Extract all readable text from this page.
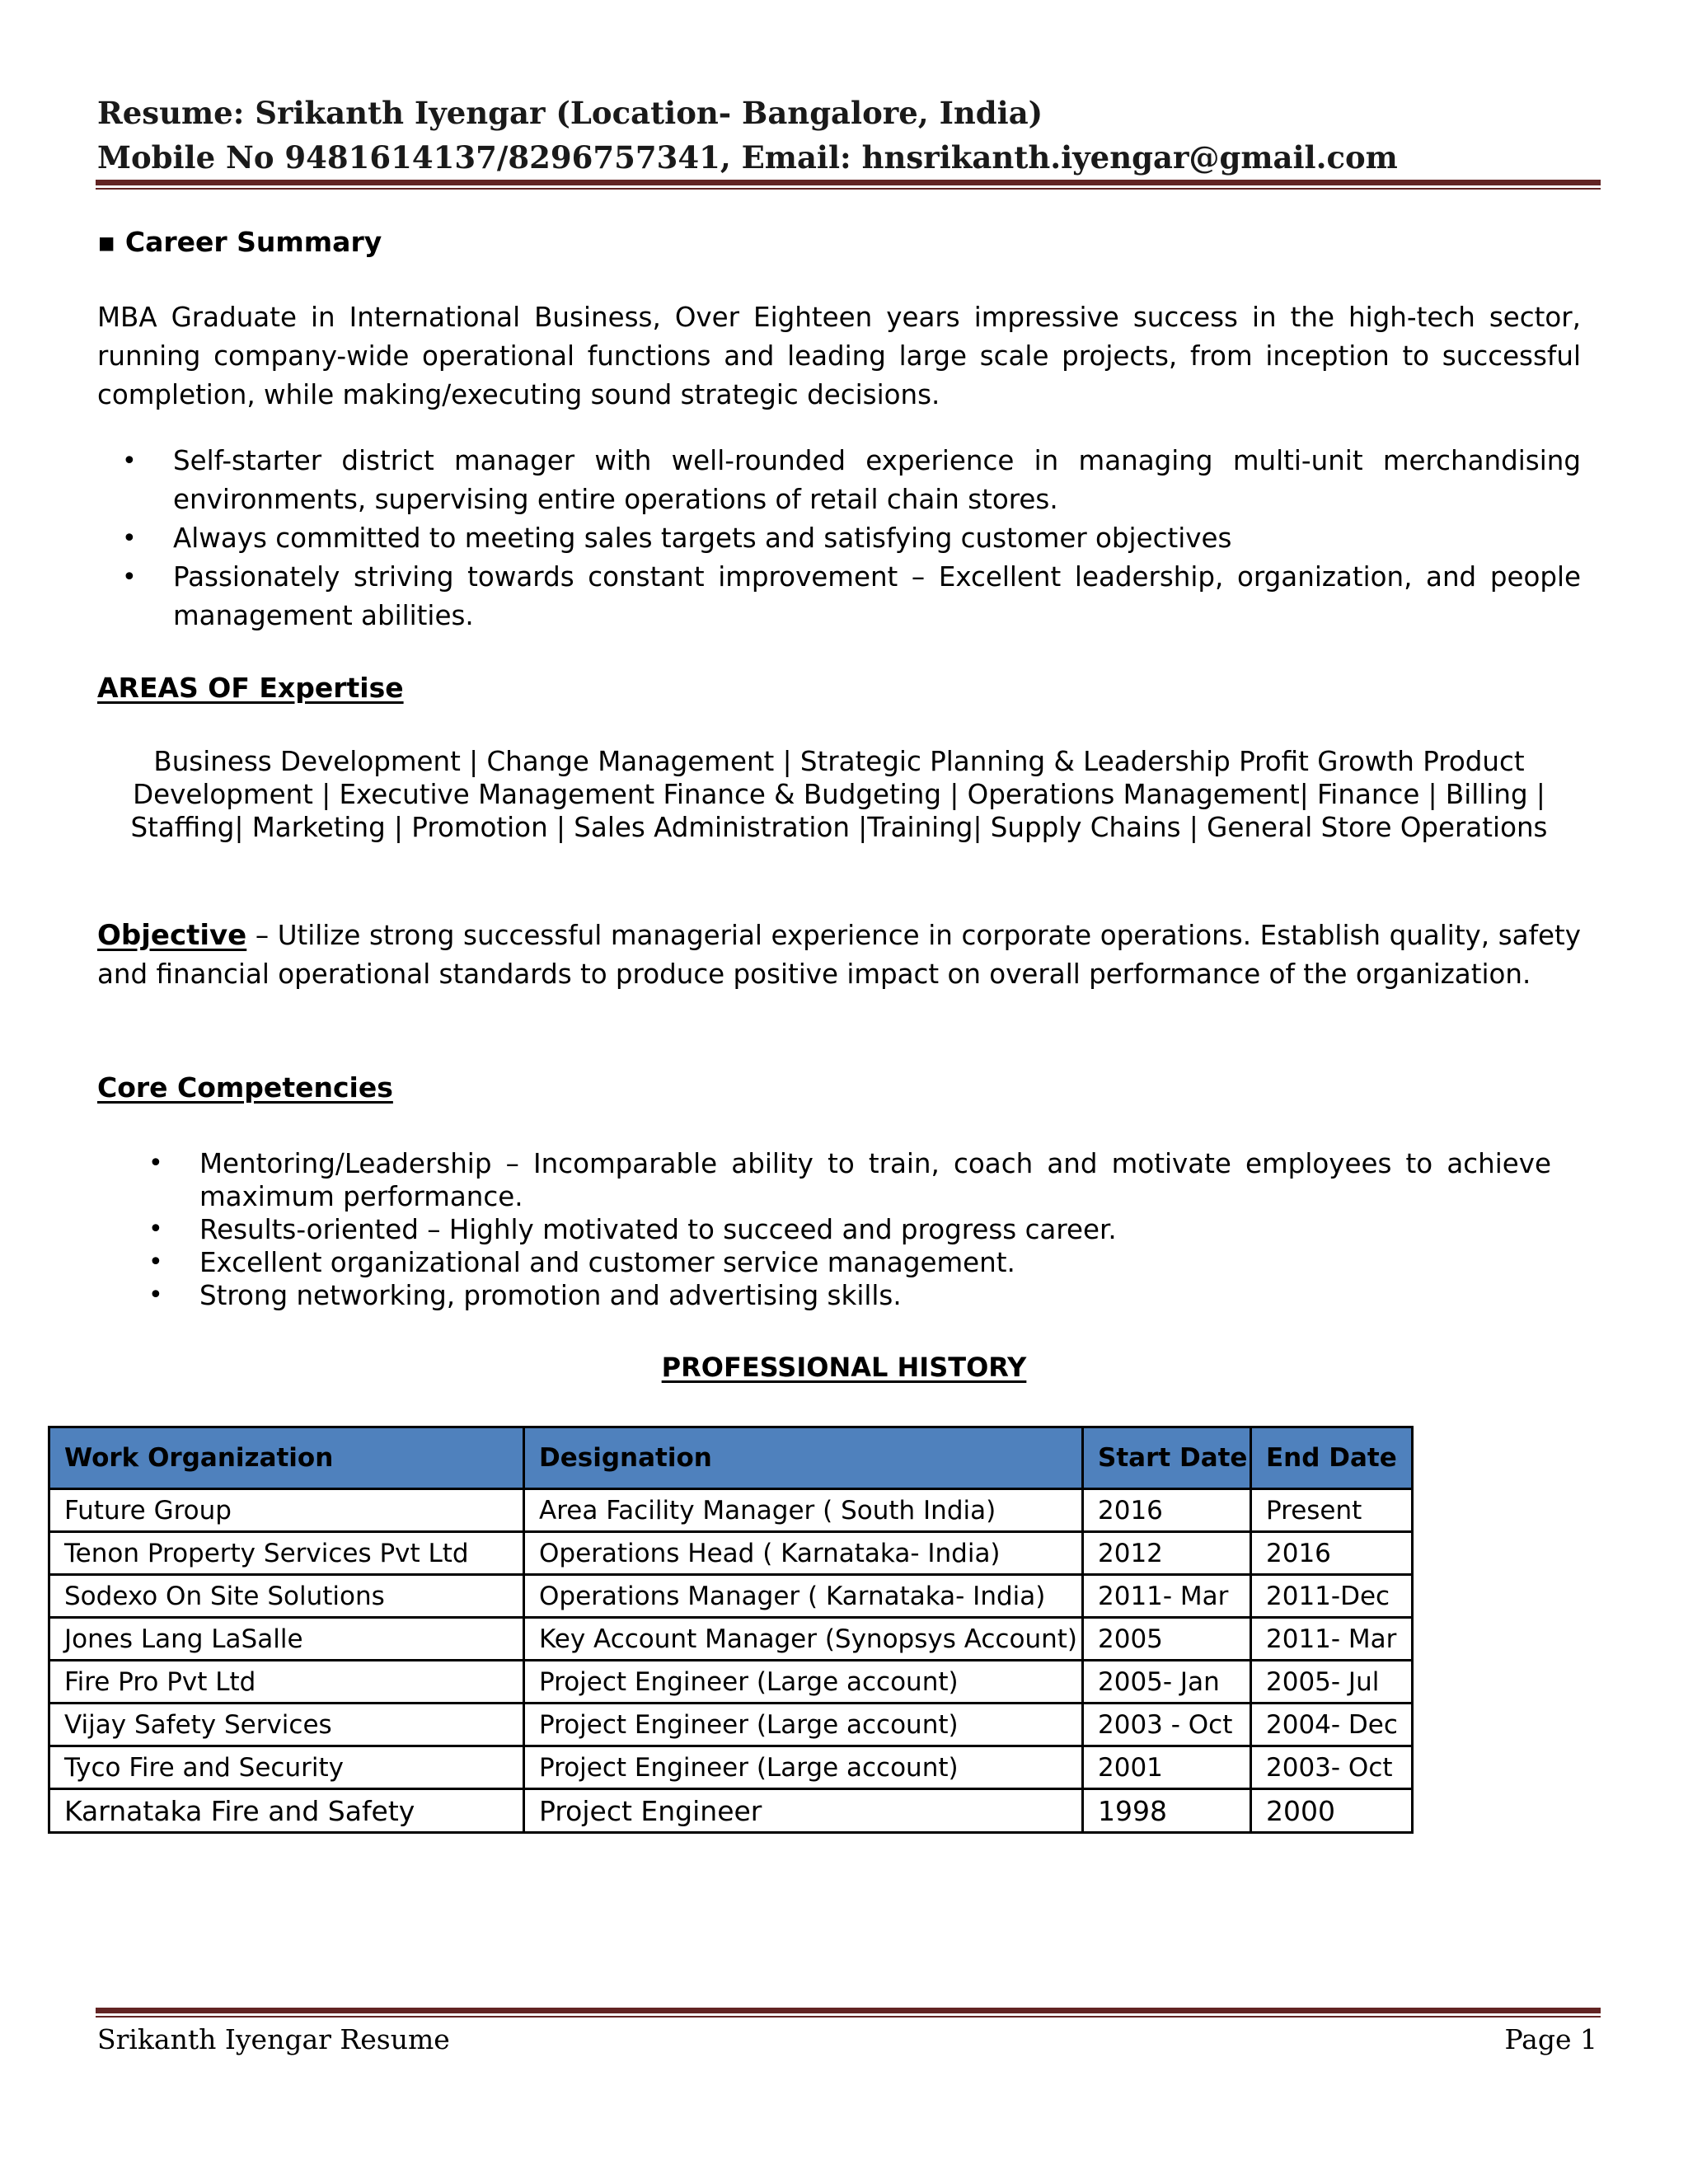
Resume: Srikanth Iyengar (Location- Bangalore, India)
Mobile No 9481614137/8296757341, Email: hnsrikanth.iyengar@gmail.com
▪ Career Summary
MBA Graduate in International Business, Over Eighteen years impressive success in the high-tech sector, running company-wide operational functions and leading large scale projects, from inception to successful completion, while making/executing sound strategic decisions.
• Self-starter district manager with well-rounded experience in managing multi-unit merchandising environments, supervising entire operations of retail chain stores.
• Always committed to meeting sales targets and satisfying customer objectives
• Passionately striving towards constant improvement – Excellent leadership, organization, and people management abilities.
AREAS OF Expertise
Business Development | Change Management | Strategic Planning & Leadership Profit Growth Product Development | Executive Management Finance & Budgeting | Operations Management| Finance | Billing | Staffing| Marketing | Promotion | Sales Administration |Training| Supply Chains | General Store Operations
Objective – Utilize strong successful managerial experience in corporate operations. Establish quality, safety and financial operational standards to produce positive impact on overall performance of the organization.
Core Competencies
• Mentoring/Leadership – Incomparable ability to train, coach and motivate employees to achieve maximum performance.
• Results-oriented – Highly motivated to succeed and progress career.
• Excellent organizational and customer service management.
• Strong networking, promotion and advertising skills.
PROFESSIONAL HISTORY
Work Organization	Designation	Start Date	End Date
Future Group	Area Facility Manager ( South India)	2016	Present
Tenon Property Services Pvt Ltd	Operations Head ( Karnataka- India)	2012	2016
Sodexo On Site Solutions	Operations Manager ( Karnataka- India)	2011- Mar	2011-Dec
Jones Lang LaSalle	Key Account Manager (Synopsys Account)	2005	2011- Mar
Fire Pro Pvt Ltd	Project Engineer (Large account)	2005- Jan	2005- Jul
Vijay Safety Services	Project Engineer (Large account)	2003 - Oct	2004- Dec
Tyco Fire and Security	Project Engineer (Large account)	2001	2003- Oct
Karnataka Fire and Safety	Project Engineer	1998	2000
Srikanth Iyengar Resume	Page 1
